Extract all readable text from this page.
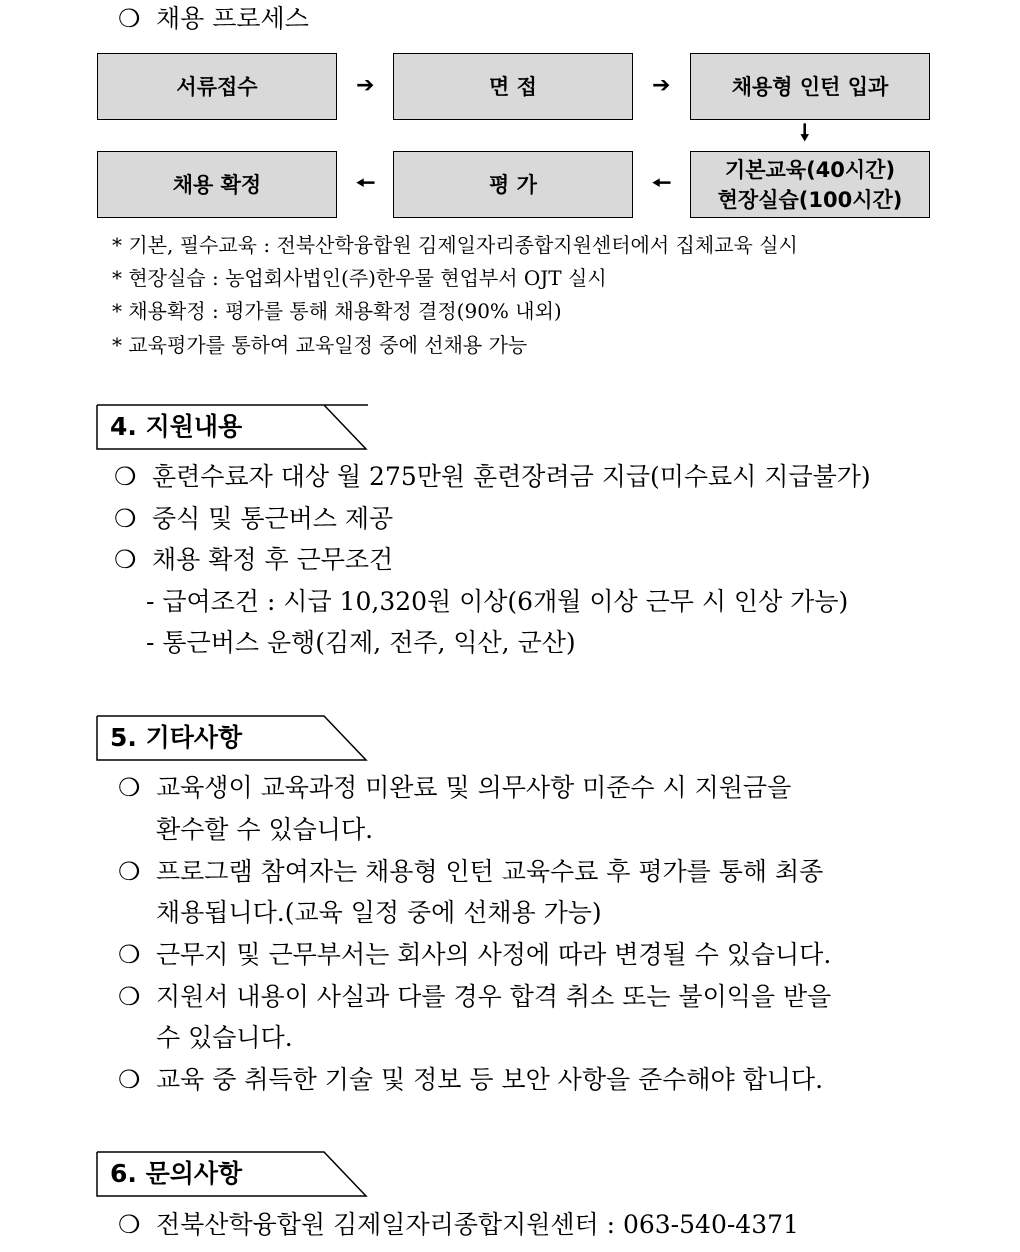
❍ 채용 프로세스
서류접수	➔	면 접	➔	채용형 인턴 입과
🠗
채용 확정	🠔	평 가	🠔
기본교육(40시간)
현장실습(100시간)
* 기본, 필수교육 : 전북산학융합원 김제일자리종합지원센터에서 집체교육 실시
* 현장실습 : 농업회사법인(주)한우물 현업부서 OJT 실시
* 채용확정 : 평가를 통해 채용확정 결정(90% 내외)
* 교육평가를 통하여 교육일정 중에 선채용 가능
4. 지원내용
❍ 훈련수료자 대상 월 275만원 훈련장려금 지급(미수료시 지급불가)
❍ 중식 및 통근버스 제공
❍ 채용 확정 후 근무조건
- 급여조건 : 시급 10,320원 이상(6개월 이상 근무 시 인상 가능)
- 통근버스 운행(김제, 전주, 익산, 군산)
5. 기타사항
❍ 교육생이 교육과정 미완료 및 의무사항 미준수 시 지원금을
환수할 수 있습니다.
❍ 프로그램 참여자는 채용형 인턴 교육수료 후 평가를 통해 최종
채용됩니다.(교육 일정 중에 선채용 가능)
❍ 근무지 및 근무부서는 회사의 사정에 따라 변경될 수 있습니다.
❍ 지원서 내용이 사실과 다를 경우 합격 취소 또는 불이익을 받을
수 있습니다.
❍ 교육 중 취득한 기술 및 정보 등 보안 사항을 준수해야 합니다.
6. 문의사항
❍ 전북산학융합원 김제일자리종합지원센터 : 063-540-4371
